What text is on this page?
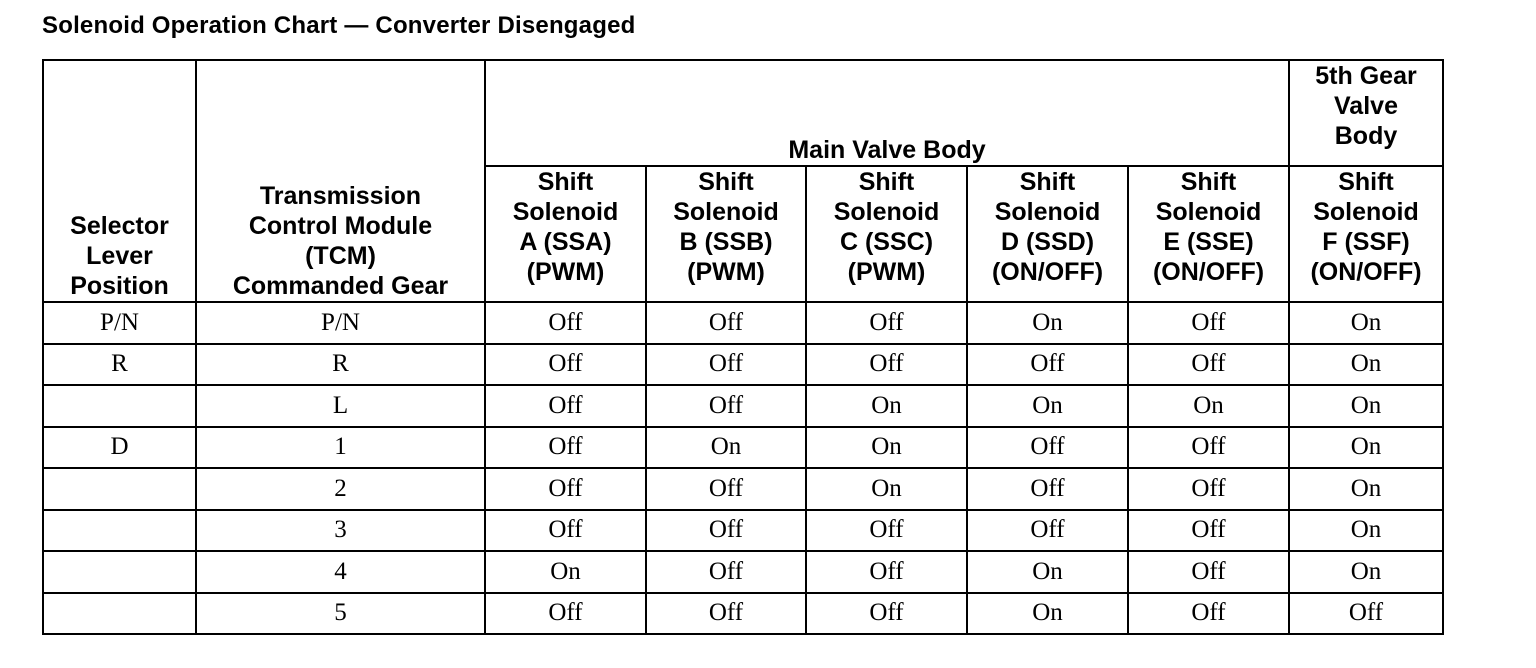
Solenoid Operation Chart — Converter Disengaged
Selector
Lever
Position	Transmission
Control Module
(TCM)
Commanded Gear	Main Valve Body					5th Gear
Valve
Body

		Shift
Solenoid
A (SSA)
(PWM)	Shift
Solenoid
B (SSB)
(PWM)	Shift
Solenoid
C (SSC)
(PWM)	Shift
Solenoid
D (SSD)
(ON/OFF)	Shift
Solenoid
E (SSE)
(ON/OFF)	Shift
Solenoid
F (SSF)
(ON/OFF)

P/N	P/N	Off	Off	Off	On	Off	On
R	R	Off	Off	Off	Off	Off	On
	L	Off	Off	On	On	On	On
D	1	Off	On	On	Off	Off	On
	2	Off	Off	On	Off	Off	On
	3	Off	Off	Off	Off	Off	On
	4	On	Off	Off	On	Off	On
	5	Off	Off	Off	On	Off	Off
